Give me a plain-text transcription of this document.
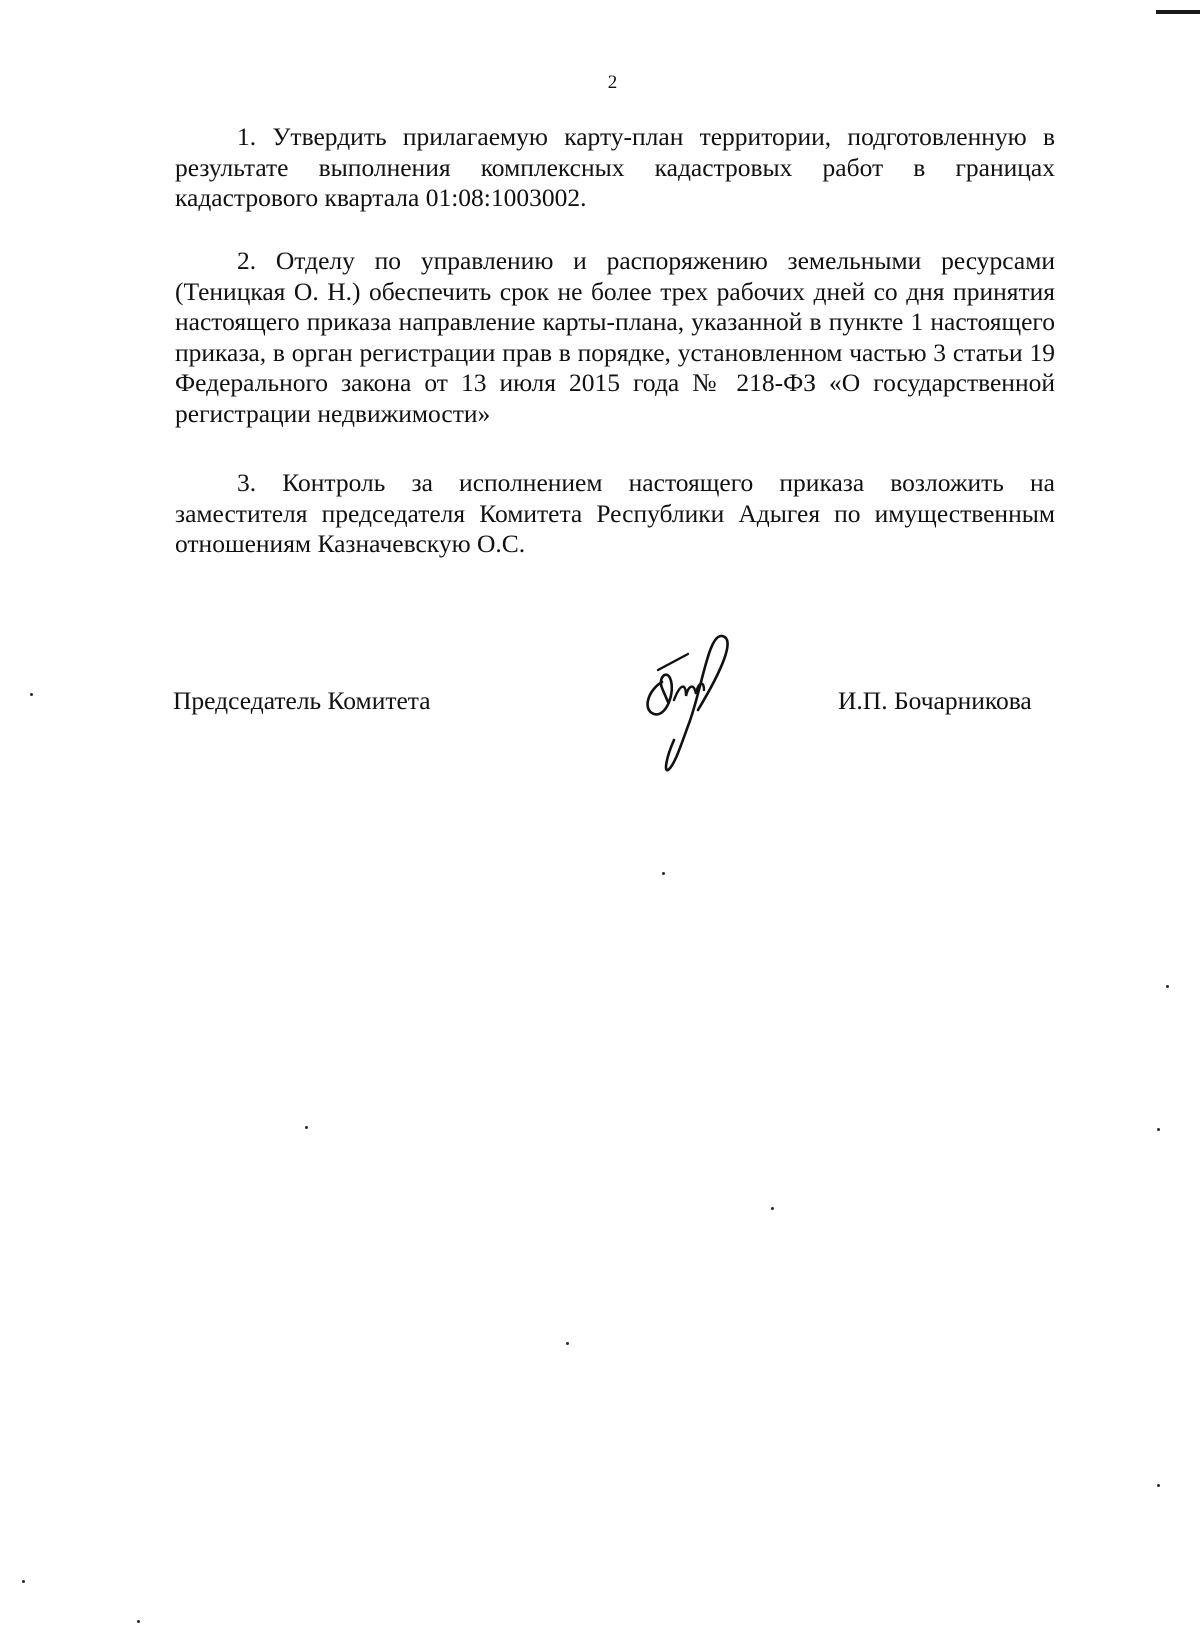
2

1. Утвердить прилагаемую карту-план территории, подготовленную в результате выполнения комплексных кадастровых работ в границах кадастрового квартала 01:08:1003002.

2. Отделу по управлению и распоряжению земельными ресурсами (Теницкая О. Н.) обеспечить срок не более трех рабочих дней со дня принятия настоящего приказа направление карты-плана, указанной в пункте 1 настоящего приказа, в орган регистрации прав в порядке, установленном частью 3 статьи 19 Федерального закона от 13 июля 2015 года № 218-ФЗ «О государственной регистрации недвижимости»

3. Контроль за исполнением настоящего приказа возложить на заместителя председателя Комитета Республики Адыгея по имущественным отношениям Казначевскую О.С.

Председатель Комитета	И.П. Бочарникова
